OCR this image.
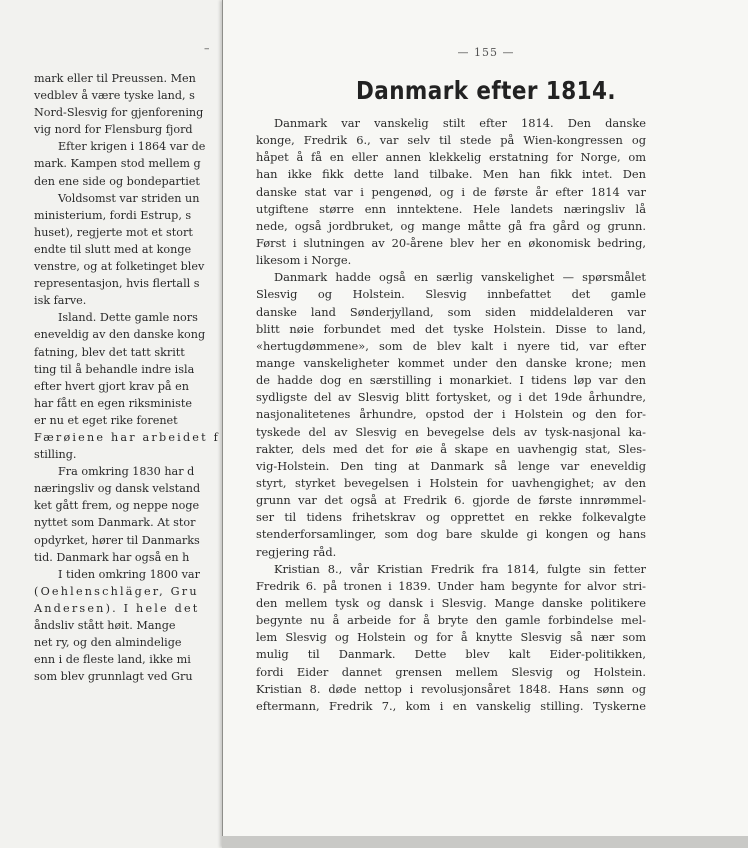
–
mark eller til Preussen. Men
vedblev å være tyske land, s
Nord-Slesvig for gjenforening
vig nord for Flensburg fjord
Efter krigen i 1864 var de
mark. Kampen stod mellem g
den ene side og bondepartiet
Voldsomst var striden un
ministerium, fordi Estrup, s
huset), regjerte mot et stort
endte til slutt med at konge
venstre, og at folketinget blev
representasjon, hvis flertall s
isk farve.
Island. Dette gamle nors
eneveldig av den danske kong
fatning, blev det tatt skritt
ting til å behandle indre isla
efter hvert gjort krav på en
har fått en egen riksministe
er nu et eget rike forenet
Færøiene har arbeidet f
stilling.
Fra omkring 1830 har d
næringsliv og dansk velstand
ket gått frem, og neppe noge
nyttet som Danmark. At stor
opdyrket, hører til Danmarks
tid. Danmark har også en h
I tiden omkring 1800 var
(Oehlenschläger, Gru
Andersen). I hele det
åndsliv stått høit. Mange
net ry, og den almindelige
enn i de fleste land, ikke mi
som blev grunnlagt ved Gru
— 155 —
Danmark efter 1814.
Danmark var vanskelig stilt efter 1814. Den danske
konge, Fredrik 6., var selv til stede på Wien-kongressen og
håpet å få en eller annen klekkelig erstatning for Norge, om
han ikke fikk dette land tilbake. Men han fikk intet. Den
danske stat var i pengenød, og i de første år efter 1814 var
utgiftene større enn inntektene. Hele landets næringsliv lå
nede, også jordbruket, og mange måtte gå fra gård og grunn.
Først i slutningen av 20-årene blev her en økonomisk bedring,
likesom i Norge.
Danmark hadde også en særlig vanskelighet — spørsmålet
Slesvig og Holstein. Slesvig innbefattet det gamle
danske land Sønderjylland, som siden middelalderen var
blitt nøie forbundet med det tyske Holstein. Disse to land,
«hertugdømmene», som de blev kalt i nyere tid, var efter
mange vanskeligheter kommet under den danske krone; men
de hadde dog en særstilling i monarkiet. I tidens løp var den
sydligste del av Slesvig blitt fortysket, og i det 19de århundre,
nasjonalitetenes århundre, opstod der i Holstein og den for-
tyskede del av Slesvig en bevegelse dels av tysk-nasjonal ka-
rakter, dels med det for øie å skape en uavhengig stat, Sles-
vig-Holstein. Den ting at Danmark så lenge var eneveldig
styrt, styrket bevegelsen i Holstein for uavhengighet; av den
grunn var det også at Fredrik 6. gjorde de første innrømmel-
ser til tidens frihetskrav og opprettet en rekke folkevalgte
stenderforsamlinger, som dog bare skulde gi kongen og hans
regjering råd.
Kristian 8., vår Kristian Fredrik fra 1814, fulgte sin fetter
Fredrik 6. på tronen i 1839. Under ham begynte for alvor stri-
den mellem tysk og dansk i Slesvig. Mange danske politikere
begynte nu å arbeide for å bryte den gamle forbindelse mel-
lem Slesvig og Holstein og for å knytte Slesvig så nær som
mulig til Danmark. Dette blev kalt Eider-politikken,
fordi Eider dannet grensen mellem Slesvig og Holstein.
Kristian 8. døde nettop i revolusjonsåret 1848. Hans sønn og
eftermann, Fredrik 7., kom i en vanskelig stilling. Tyskerne
